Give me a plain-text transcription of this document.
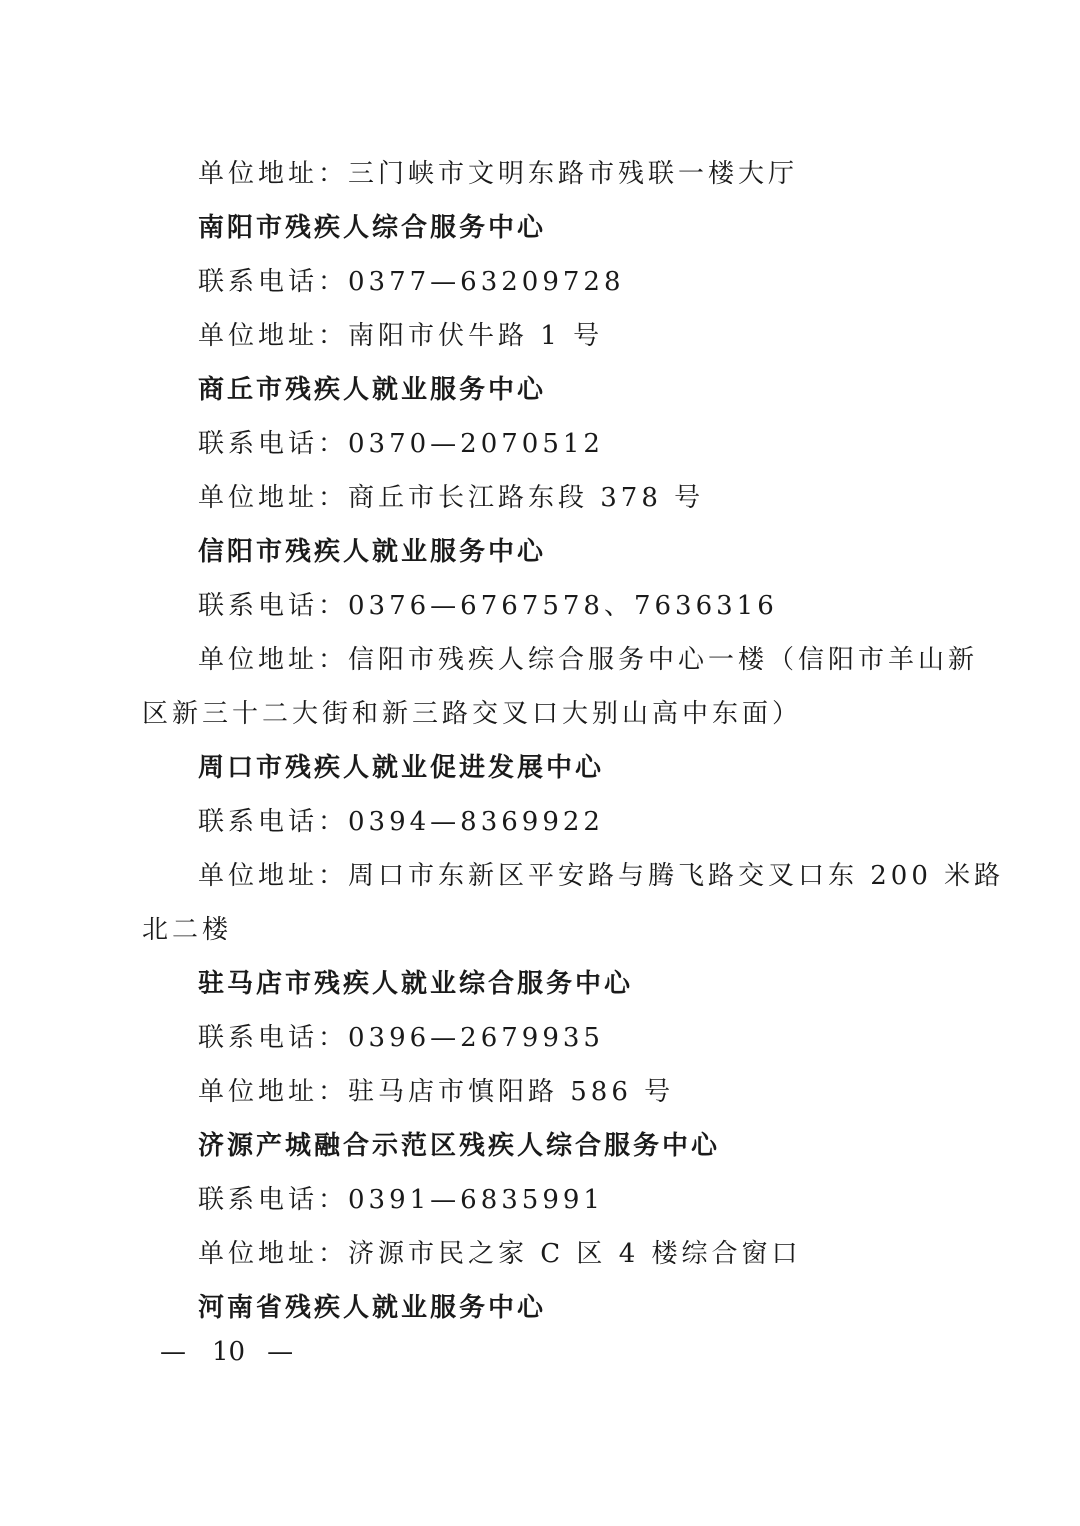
单位地址：三门峡市文明东路市残联一楼大厅
南阳市残疾人综合服务中心
联系电话：0377—63209728
单位地址：南阳市伏牛路 1 号
商丘市残疾人就业服务中心
联系电话：0370—2070512
单位地址：商丘市长江路东段 378 号
信阳市残疾人就业服务中心
联系电话：0376—6767578、7636316
单位地址：信阳市残疾人综合服务中心一楼（信阳市羊山新
区新三十二大街和新三路交叉口大别山高中东面）
周口市残疾人就业促进发展中心
联系电话：0394—8369922
单位地址：周口市东新区平安路与腾飞路交叉口东 200 米路
北二楼
驻马店市残疾人就业综合服务中心
联系电话：0396—2679935
单位地址：驻马店市慎阳路 586 号
济源产城融合示范区残疾人综合服务中心
联系电话：0391—6835991
单位地址：济源市民之家 C 区 4 楼综合窗口
河南省残疾人就业服务中心
— 10 —
